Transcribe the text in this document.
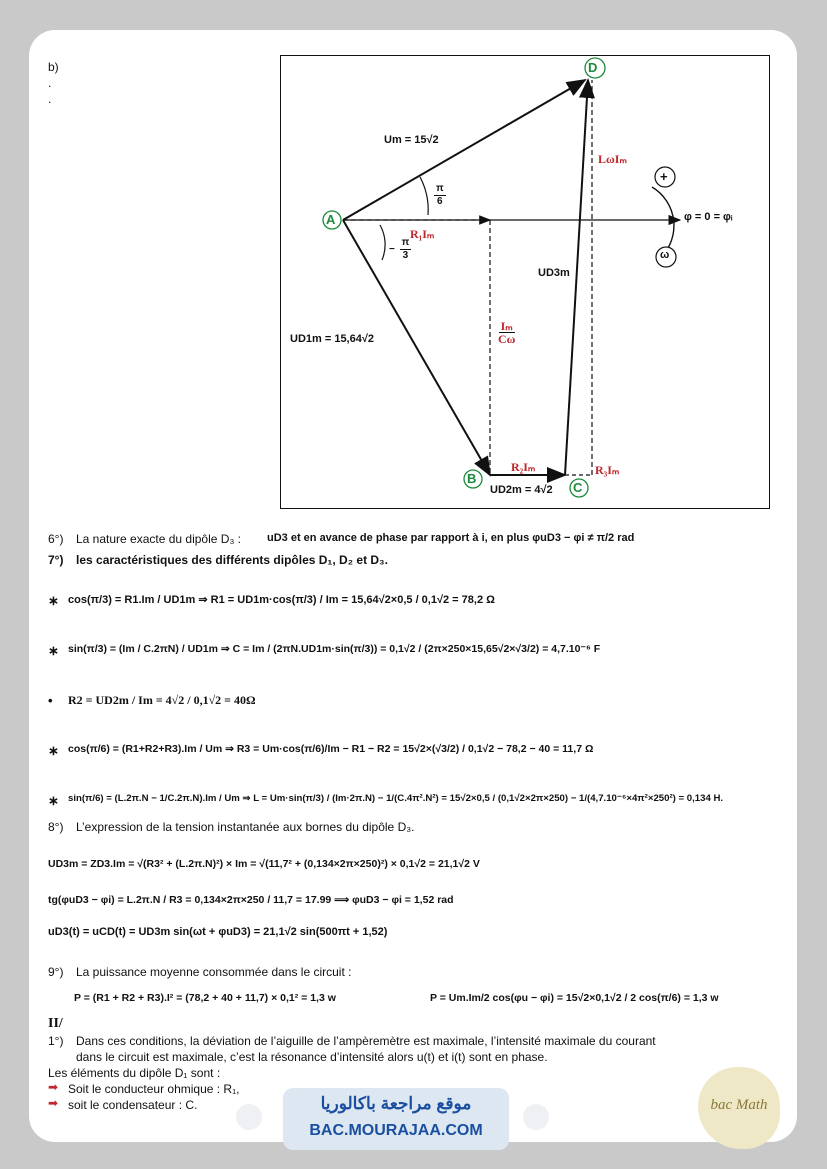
b)
.
.
A
B
C
D
+
ω
Um = 15√2
$\frac{\pi}{6}$
R₁Iₘ
− $\frac{\pi}{3}$
φ = 0 = φᵢ
LωIₘ
UD3m
$\frac{\text{Iₘ}}{C\omega}$
UD1m = 15,64√2
R₂Iₘ	R₃Iₘ
UD2m = 4√2
6°) La nature exacte du dipôle D₃ : uD3 et en avance de phase par rapport à i, en plus φuD3 − φi ≠ π/2 rad
7°) les caractéristiques des différents dipôles D₁, D₂ et D₃.
∗ cos(π/3) = R1.Im / UD1m ⇒ R1 = UD1m·cos(π/3) / Im = 15,64√2×0,5 / 0,1√2 = 78,2 Ω
∗ sin(π/3) = (Im / C.2πN) / UD1m ⇒ C = Im / (2πN.UD1m·sin(π/3)) = 0,1√2 / (2π×250×15,65√2×√3/2) = 4,7.10⁻⁶ F
• R2 = UD2m / Im = 4√2 / 0,1√2 = 40Ω
∗ cos(π/6) = (R1+R2+R3).Im / Um ⇒ R3 = Um·cos(π/6)/Im − R1 − R2 = 15√2×(√3/2) / 0,1√2 − 78,2 − 40 = 11,7 Ω
∗ sin(π/6) = (L.2π.N − 1/C.2π.N).Im / Um ⇒ L = Um·sin(π/3) / (Im·2π.N) − 1/(C.4π².N²) = 15√2×0,5 / (0,1√2×2π×250) − 1/(4,7.10⁻⁶×4π²×250²) = 0,134 H.
8°) L’expression de la tension instantanée aux bornes du dipôle D₃.
UD3m = ZD3.Im = √(R3² + (L.2π.N)²) × Im = √(11,7² + (0,134×2π×250)²) × 0,1√2 = 21,1√2 V
tg(φuD3 − φi) = L.2π.N / R3 = 0,134×2π×250 / 11,7 = 17.99 ⟹ φuD3 − φi = 1,52 rad
uD3(t) = uCD(t) = UD3m sin(ωt + φuD3) = 21,1√2 sin(500πt + 1,52)
9°) La puissance moyenne consommée dans le circuit :
P = (R1 + R2 + R3).I² = (78,2 + 40 + 11,7) × 0,1² = 1,3 w	P = Um.Im/2 cos(φu − φi) = 15√2×0,1√2 / 2 cos(π/6) = 1,3 w
II/
1°) Dans ces conditions, la déviation de l’aiguille de l’ampèremètre est maximale, l’intensité maximale du courant
dans le circuit est maximale, c’est la résonance d’intensité alors u(t) et i(t) sont en phase.
Les éléments du dipôle D₁ sont :
➡ Soit le conducteur ohmique : R₁,
➡ soit le condensateur : C.	موقع مراجعة باكالوريا
BAC.MOURAJAA.COM
bac Math
